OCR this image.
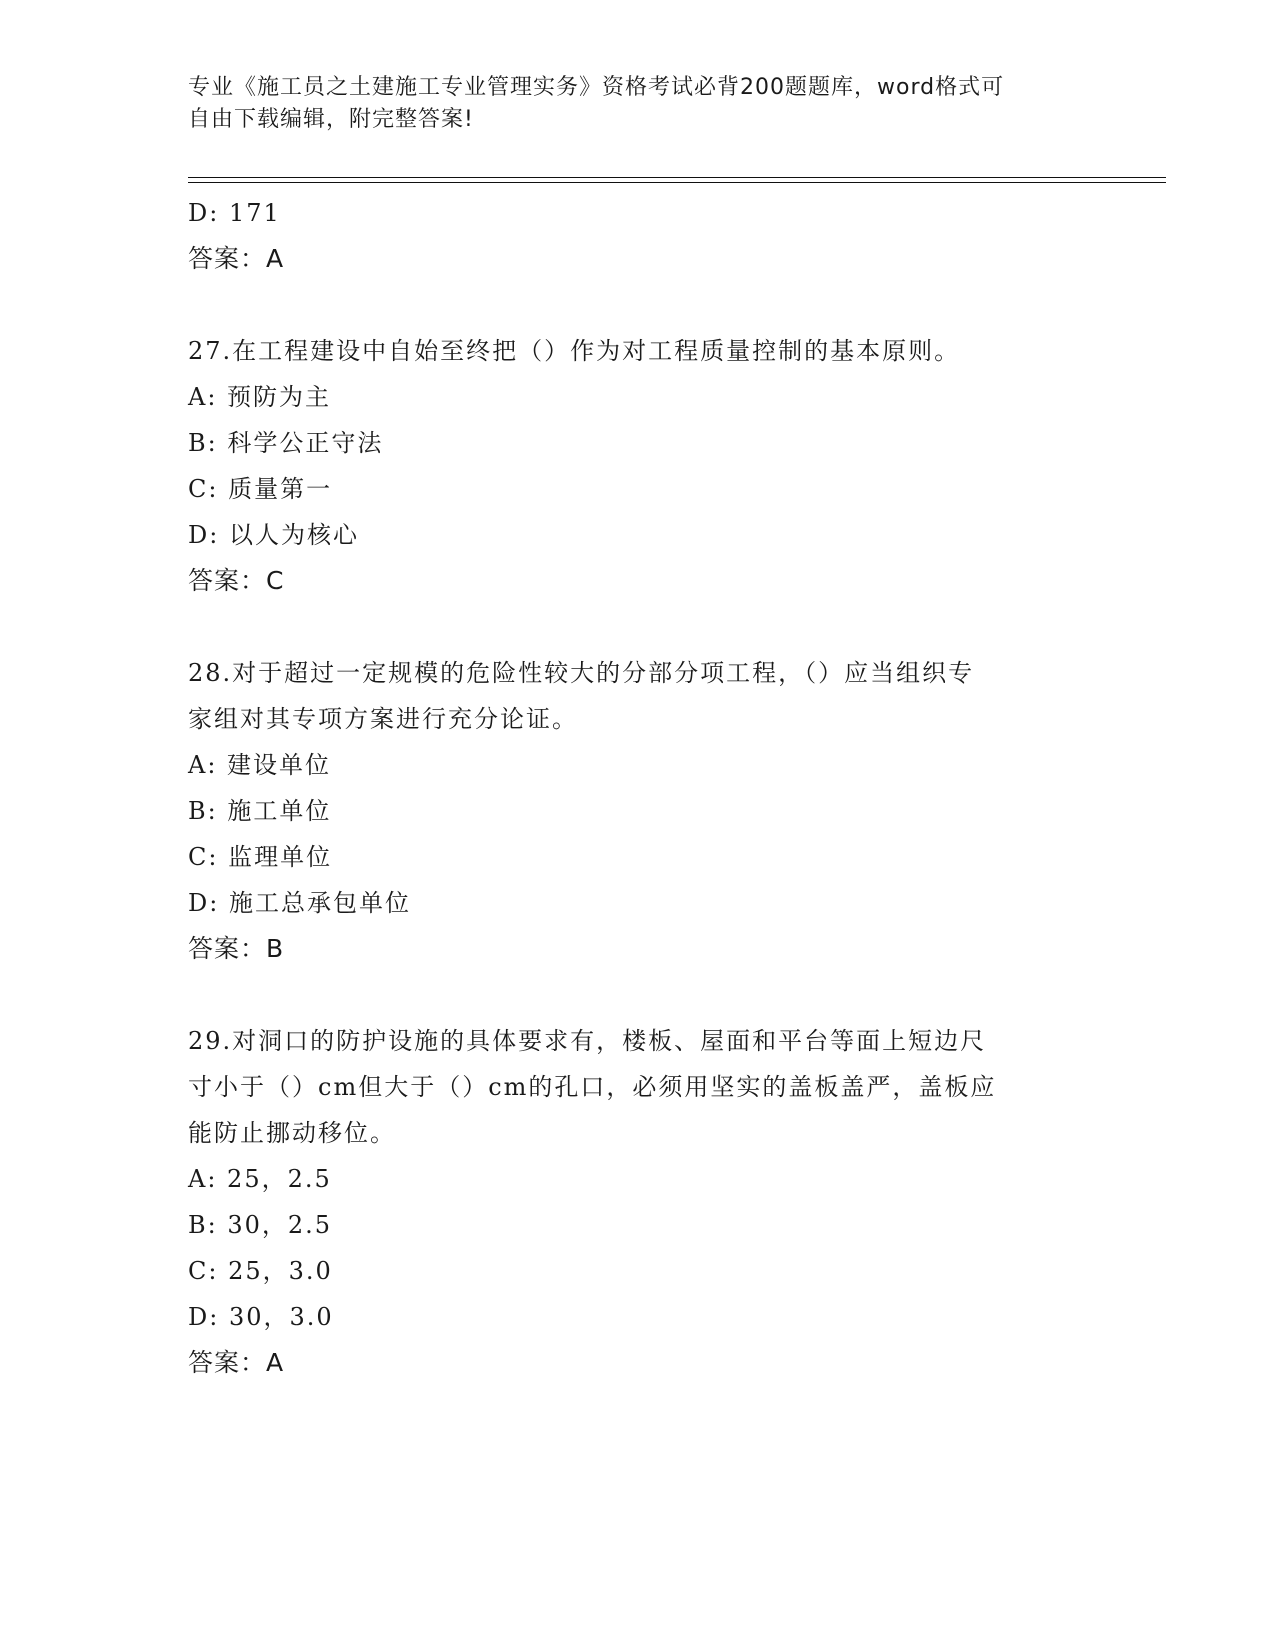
专业《施工员之土建施工专业管理实务》资格考试必背200题题库，word格式可
自由下载编辑，附完整答案!
D: 171
答案：A
27.在工程建设中自始至终把（）作为对工程质量控制的基本原则。
A: 预防为主
B: 科学公正守法
C: 质量第一
D: 以人为核心
答案：C
28.对于超过一定规模的危险性较大的分部分项工程，（）应当组织专
家组对其专项方案进行充分论证。
A: 建设单位
B: 施工单位
C: 监理单位
D: 施工总承包单位
答案：B
29.对洞口的防护设施的具体要求有，楼板、屋面和平台等面上短边尺
寸小于（）cm但大于（）cm的孔口，必须用坚实的盖板盖严，盖板应
能防止挪动移位。
A: 25，2.5
B: 30，2.5
C: 25，3.0
D: 30，3.0
答案：A
